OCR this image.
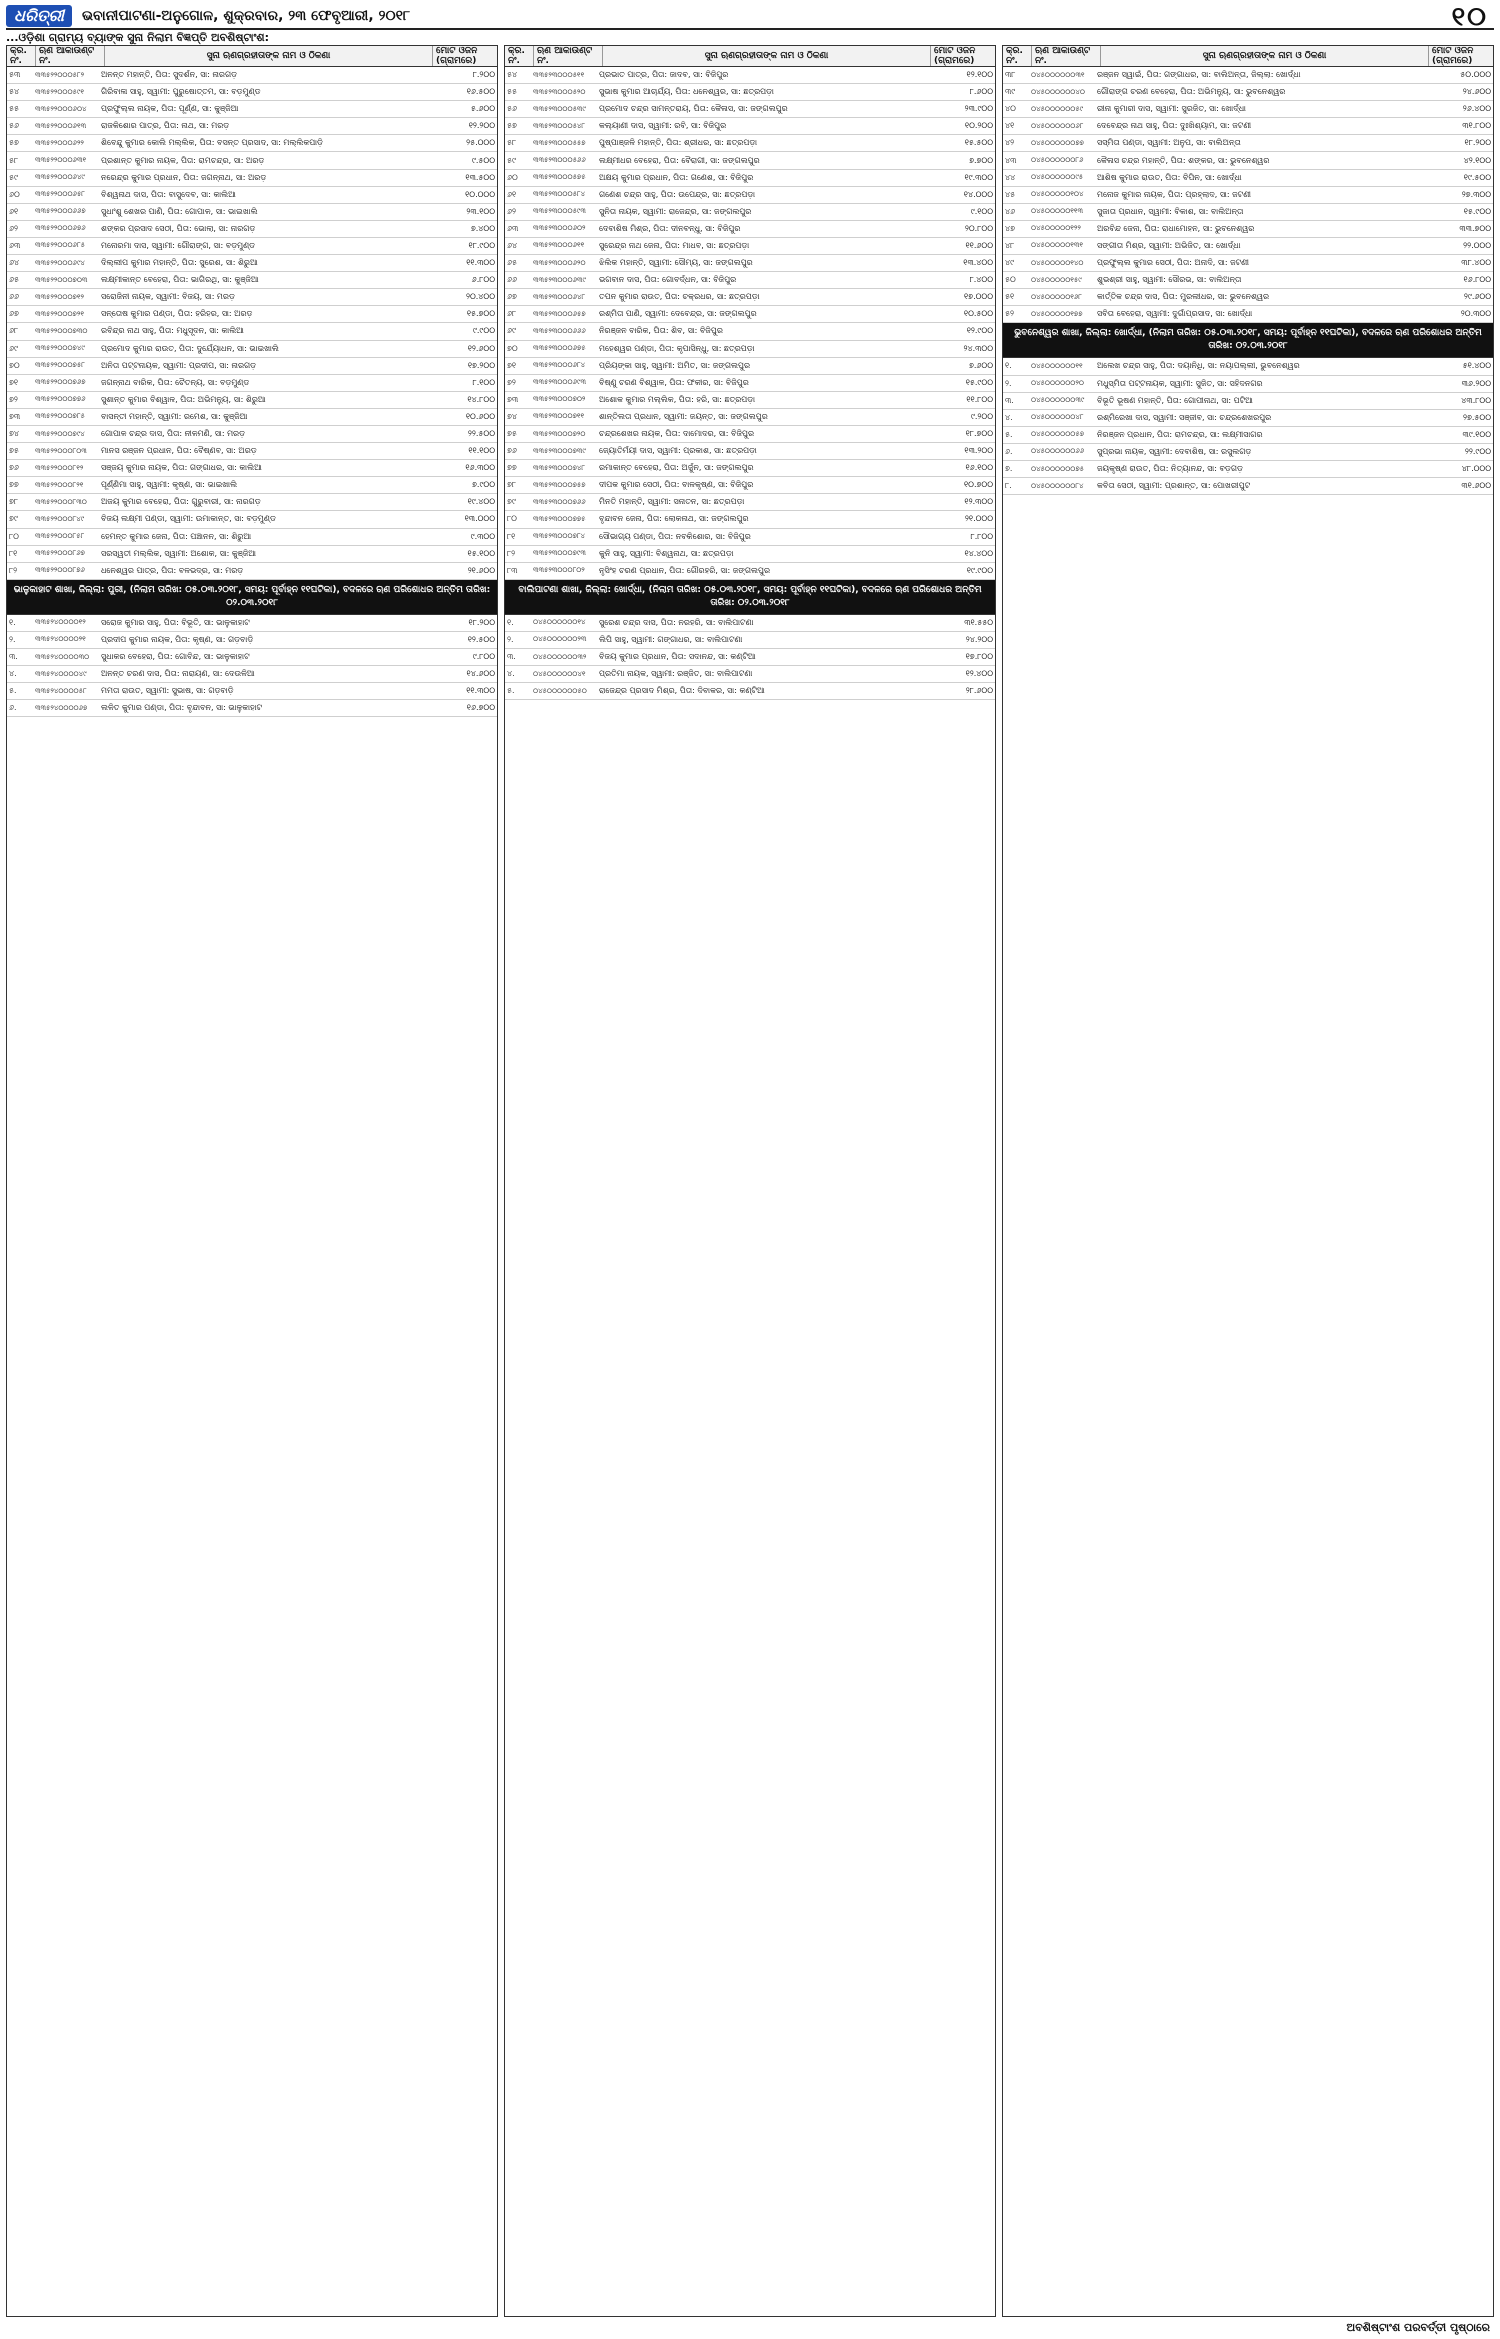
ଧରିତ୍ରୀ	ଭବାନୀପାଟଣା-ଅନୁଗୋଳ, ଶୁକ୍ରବାର, ୨୩ ଫେବୃଆରୀ, ୨୦୧୮	୧୦
...ଓଡ଼ିଶା ଗ୍ରାମ୍ୟ ବ୍ୟାଙ୍କ ସୁନା ନିଲାମ ବିଜ୍ଞପ୍ତି ଅବଶିଷ୍ଟାଂଶ:
କ୍ର. ନଂ.
ଋଣ ଆକାଉଣ୍ଟ ନଂ.	ସୁନା ଋଣଗ୍ରହୀତାଙ୍କ ନାମ ଓ ଠିକଣା	ମୋଟ ଓଜନ (ଗ୍ରାମରେ)
୫୩	୩୩୫୨୨୦୦୦୫୮୨	ଅନନ୍ତ ମହାନ୍ତି, ପିତା: ସୁଦର୍ଶନ, ସା: ନାରଗଡ଼	୮.୨୦୦
୫୪	୩୩୫୨୨୦୦୦୫୯୧	ଗିରିବାଳା ସାହୁ, ସ୍ୱାମୀ: ପୁରୁଷୋତ୍ତମ, ସା: ବଡ଼ମୁଣ୍ଡ	୧୬.୫୦୦
୫୫	୩୩୫୨୨୦୦୦୬୦୪	ପ୍ରଫୁଲ୍ଲ ନାୟକ, ପିତା: ପୂର୍ଣ୍ଣ, ସା: କୁଞ୍ଜିଆ	୫.୬୦୦
୫୬	୩୩୫୨୨୦୦୦୬୧୩	ରାଜକିଶୋର ପାତ୍ର, ପିତା: ନାଥ, ସା: ମରଡ଼	୧୨.୨୦୦
୫୭	୩୩୫୨୨୦୦୦୬୨୨	ଶିବେନ୍ଦୁ କୁମାର କୋଲି ମଲ୍ଲିକ, ପିତା: ବସନ୍ତ ପ୍ରସାଦ, ସା: ମଲ୍ଲିକପାଡ଼ି	୨୫.୦୦୦
୫୮	୩୩୫୨୨୦୦୦୬୩୧	ପ୍ରଶାନ୍ତ କୁମାର ନାୟକ, ପିତା: ରାମଚନ୍ଦ୍ର, ସା: ଅରଡ଼	୯.୫୦୦
୫୯	୩୩୫୨୨୦୦୦୬୪୯	ନରେନ୍ଦ୍ର କୁମାର ପ୍ରଧାନ, ପିତା: ଜଗନ୍ନାଥ, ସା: ଅରଡ଼	୧୩.୫୦୦
୬୦	୩୩୫୨୨୦୦୦୬୫୮	ବିଶ୍ୱନାଥ ଦାସ, ପିତା: ବାସୁଦେବ, ସା: କାଲିଆ	୧୦.୦୦୦
୬୧	୩୩୫୨୨୦୦୦୬୬୭	ସୁଧାଂଶୁ ଶେଖର ପାଣି, ପିତା: ଗୋପାଳ, ସା: ଭାଇଖାଲି	୨୩.୧୦୦
୬୨	୩୩୫୨୨୦୦୦୬୭୬	ଶଙ୍କର ପ୍ରସାଦ ସେଠୀ, ପିତା: ଭୋଲା, ସା: ନାରଗଡ଼	୭.୪୦୦
୬୩	୩୩୫୨୨୦୦୦୬୮୫	ମନୋରମା ଦାସ, ସ୍ୱାମୀ: ଗୌରାଙ୍ଗ, ସା: ବଡ଼ମୁଣ୍ଡ	୧୮.୯୦୦
୬୪	୩୩୫୨୨୦୦୦୬୯୪	ଦିଲ୍ଲୀପ କୁମାର ମହାନ୍ତି, ପିତା: ସୁରେଶ, ସା: ଶିରୁଆ	୧୧.୩୦୦
୬୫	୩୩୫୨୨୦୦୦୭୦୩	ଲକ୍ଷ୍ମୀକାନ୍ତ ବେହେରା, ପିତା: ଭାଗିରଥି, ସା: କୁଞ୍ଜିଆ	୬.୮୦୦
୬୬	୩୩୫୨୨୦୦୦୭୧୨	ସରୋଜିନୀ ନାୟକ, ସ୍ୱାମୀ: ବିଜୟ, ସା: ମରଡ଼	୨୦.୪୦୦
୬୭	୩୩୫୨୨୦୦୦୭୨୧	ସନ୍ତୋଷ କୁମାର ପଣ୍ଡା, ପିତା: ହରିହର, ସା: ଅରଡ଼	୧୫.୭୦୦
୬୮	୩୩୫୨୨୦୦୦୭୩୦	ରବିନ୍ଦ୍ର ନାଥ ସାହୁ, ପିତା: ମଧୁସୂଦନ, ସା: କାଲିଆ	୯.୯୦୦
୬୯	୩୩୫୨୨୦୦୦୭୪୯	ପ୍ରମୋଦ କୁମାର ରାଉତ, ପିତା: ଦୁର୍ଯ୍ୟୋଧନ, ସା: ଭାଇଖାଲି	୧୨.୬୦୦
୭୦	୩୩୫୨୨୦୦୦୭୫୮	ଅନିତା ପଟ୍ଟନାୟକ, ସ୍ୱାମୀ: ପ୍ରଦୀପ, ସା: ନାରଗଡ଼	୧୭.୨୦୦
୭୧	୩୩୫୨୨୦୦୦୭୬୭	ଜଗନ୍ନାଥ ବାରିକ, ପିତା: ଚୈତନ୍ୟ, ସା: ବଡ଼ମୁଣ୍ଡ	୮.୧୦୦
୭୨	୩୩୫୨୨୦୦୦୭୭୬	ସୁଶାନ୍ତ କୁମାର ବିଶ୍ୱାଳ, ପିତା: ଅଭିମନ୍ୟୁ, ସା: ଶିରୁଆ	୧୪.୮୦୦
୭୩	୩୩୫୨୨୦୦୦୭୮୫	ବାସନ୍ତୀ ମହାନ୍ତି, ସ୍ୱାମୀ: ରମେଶ, ସା: କୁଞ୍ଜିଆ	୧୦.୬୦୦
୭୪	୩୩୫୨୨୦୦୦୭୯୪	ଗୋପାଳ ଚନ୍ଦ୍ର ଦାସ, ପିତା: ନୀଳମଣି, ସା: ମରଡ଼	୨୨.୫୦୦
୭୫	୩୩୫୨୨୦୦୦୮୦୩	ମାନସ ରଞ୍ଜନ ପ୍ରଧାନ, ପିତା: ବୈଷ୍ଣବ, ସା: ଅରଡ଼	୧୧.୧୦୦
୭୬	୩୩୫୨୨୦୦୦୮୧୨	ସଞ୍ଜୟ କୁମାର ନାୟକ, ପିତା: ଗଙ୍ଗାଧର, ସା: କାଲିଆ	୧୬.୩୦୦
୭୭	୩୩୫୨୨୦୦୦୮୨୧	ପୂର୍ଣ୍ଣିମା ସାହୁ, ସ୍ୱାମୀ: କୃଷ୍ଣ, ସା: ଭାଇଖାଲି	୭.୯୦୦
୭୮	୩୩୫୨୨୦୦୦୮୩୦	ଅଜୟ କୁମାର ବେହେରା, ପିତା: ଗୁରୁବାରୀ, ସା: ନାରଗଡ଼	୧୯.୪୦୦
୭୯	୩୩୫୨୨୦୦୦୮୪୯	ବିଜୟ ଲକ୍ଷ୍ମୀ ପଣ୍ଡା, ସ୍ୱାମୀ: ଉମାକାନ୍ତ, ସା: ବଡ଼ମୁଣ୍ଡ	୧୩.୦୦୦
୮୦	୩୩୫୨୨୦୦୦୮୫୮	ହେମନ୍ତ କୁମାର ଜେନା, ପିତା: ପଞ୍ଚାନନ, ସା: ଶିରୁଆ	୯.୩୦୦
୮୧	୩୩୫୨୨୦୦୦୮୬୭	ସରସ୍ୱତୀ ମଲ୍ଲିକ, ସ୍ୱାମୀ: ଅଶୋକ, ସା: କୁଞ୍ଜିଆ	୧୫.୧୦୦
୮୨	୩୩୫୨୨୦୦୦୮୭୬	ଧନେଶ୍ୱର ପାତ୍ର, ପିତା: ବଳଭଦ୍ର, ସା: ମରଡ଼	୨୧.୬୦୦
ଭାଳୁକାହାଟ ଶାଖା, ଜିଲ୍ଲା: ପୁରୀ, (ନିଲାମ ତାରିଖ: ୦୫.୦୩.୨୦୧୮, ସମୟ: ପୂର୍ବାହ୍ନ ୧୧ଘଟିକା), ବଦଳରେ ଋଣ ପରିଶୋଧର ଅନ୍ତିମ ତାରିଖ: ୦୨.୦୩.୨୦୧୮
୧.	୩୩୫୨୪୦୦୦୦୧୨	ସରୋଜ କୁମାର ସାହୁ, ପିତା: ବିଭୂତି, ସା: ଭାଳୁକାହାଟ	୧୮.୨୦୦
୨.	୩୩୫୨୪୦୦୦୦୨୧	ପ୍ରଦୀପ କୁମାର ନାୟକ, ପିତା: କୃଷ୍ଣ, ସା: ଗଡ଼ବାଡ଼ି	୧୨.୫୦୦
୩.	୩୩୫୨୪୦୦୦୦୩୦	ସୁଧାକର ବେହେରା, ପିତା: ଗୋବିନ୍ଦ, ସା: ଭାଳୁକାହାଟ	୯.୮୦୦
୪.	୩୩୫୨୪୦୦୦୦୪୯	ଅନନ୍ତ ଚରଣ ଦାସ, ପିତା: ନାରାୟଣ, ସା: ଦେଉଳିଆ	୧୪.୬୦୦
୫.	୩୩୫୨୪୦୦୦୦୫୮	ମମତା ରାଉତ, ସ୍ୱାମୀ: ସୁଭାଷ, ସା: ଗଡ଼ବାଡ଼ି	୧୧.୩୦୦
୬.	୩୩୫୨୪୦୦୦୦୬୭	ଲଳିତ କୁମାର ପଣ୍ଡା, ପିତା: ବୃନ୍ଦାବନ, ସା: ଭାଳୁକାହାଟ	୧୬.୭୦୦
କ୍ର. ନଂ.
ଋଣ ଆକାଉଣ୍ଟ ନଂ.	ସୁନା ଋଣଗ୍ରହୀତାଙ୍କ ନାମ ଓ ଠିକଣା	ମୋଟ ଓଜନ (ଗ୍ରାମରେ)
୫୪	୩୩୫୨୩୦୦୦୫୧୧	ପ୍ରଭାତ ପାତ୍ର, ପିତା: ଜାଦବ, ସା: ବିଜିପୁର	୧୨.୧୦୦
୫୫	୩୩୫୨୩୦୦୦୫୨୦	ସୁଭାଷ କୁମାର ଆଚାର୍ଯ୍ୟ, ପିତା: ଧନେଶ୍ୱର, ସା: ଛତ୍ରପଡ଼ା	୮.୬୦୦
୫୬	୩୩୫୨୩୦୦୦୫୩୯	ପ୍ରମୋଦ ଚନ୍ଦ୍ର ସାମନ୍ତରାୟ, ପିତା: କୈଳାସ, ସା: ଜଙ୍ଗଲପୁର	୨୩.୯୦୦
୫୭	୩୩୫୨୩୦୦୦୫୪୮	କଲ୍ୟାଣୀ ଦାସ, ସ୍ୱାମୀ: ରବି, ସା: ବିଜିପୁର	୧୦.୨୦୦
୫୮	୩୩୫୨୩୦୦୦୫୫୭	ପୁଷ୍ପାଞ୍ଜଳି ମହାନ୍ତି, ପିତା: ଶ୍ରୀଧର, ସା: ଛତ୍ରପଡ଼ା	୧୫.୫୦୦
୫୯	୩୩୫୨୩୦୦୦୫୬୬	ଲକ୍ଷ୍ମୀଧର ବେହେରା, ପିତା: ବୈରାଗୀ, ସା: ଜଙ୍ଗଲପୁର	୭.୭୦୦
୬୦	୩୩୫୨୩୦୦୦୫୭୫	ଅକ୍ଷୟ କୁମାର ପ୍ରଧାନ, ପିତା: ଗଣେଶ, ସା: ବିଜିପୁର	୧୯.୩୦୦
୬୧	୩୩୫୨୩୦୦୦୫୮୪	ଗଣେଶ ଚନ୍ଦ୍ର ସାହୁ, ପିତା: ଉପେନ୍ଦ୍ର, ସା: ଛତ୍ରପଡ଼ା	୧୪.୦୦୦
୬୨	୩୩୫୨୩୦୦୦୫୯୩	ସୁନିତା ନାୟକ, ସ୍ୱାମୀ: ରାଜେନ୍ଦ୍ର, ସା: ଜଙ୍ଗଲପୁର	୯.୧୦୦
୬୩	୩୩୫୨୩୦୦୦୬୦୨	ଦେବାଶିଷ ମିଶ୍ର, ପିତା: ଦୀନବନ୍ଧୁ, ସା: ବିଜିପୁର	୨୦.୮୦୦
୬୪	୩୩୫୨୩୦୦୦୬୧୧	ସୁରେନ୍ଦ୍ର ନାଥ ଜେନା, ପିତା: ମାଧବ, ସା: ଛତ୍ରପଡ଼ା	୧୧.୬୦୦
୬୫	୩୩୫୨୩୦୦୦୬୨୦	ଝିଲିକ ମହାନ୍ତି, ସ୍ୱାମୀ: ସୌମ୍ୟ, ସା: ଜଙ୍ଗଲପୁର	୧୩.୪୦୦
୬୬	୩୩୫୨୩୦୦୦୬୩୯	ଭଗବାନ ଦାସ, ପିତା: ଗୋବର୍ଦ୍ଧନ, ସା: ବିଜିପୁର	୮.୪୦୦
୬୭	୩୩୫୨୩୦୦୦୬୪୮	ତପନ କୁମାର ରାଉତ, ପିତା: ଚକ୍ରଧର, ସା: ଛତ୍ରପଡ଼ା	୧୭.୦୦୦
୬୮	୩୩୫୨୩୦୦୦୬୫୭	ରଶ୍ମିତା ପାଣି, ସ୍ୱାମୀ: ଦେବେନ୍ଦ୍ର, ସା: ଜଙ୍ଗଲପୁର	୧୦.୫୦୦
୬୯	୩୩୫୨୩୦୦୦୬୬୬	ନିରଞ୍ଜନ ବାରିକ, ପିତା: ଶିବ, ସା: ବିଜିପୁର	୧୨.୯୦୦
୭୦	୩୩୫୨୩୦୦୦୬୭୫	ମହେଶ୍ୱର ପଣ୍ଡା, ପିତା: କୃପାସିନ୍ଧୁ, ସା: ଛତ୍ରପଡ଼ା	୨୪.୩୦୦
୭୧	୩୩୫୨୩୦୦୦୬୮୪	ପ୍ରିୟଙ୍କା ସାହୁ, ସ୍ୱାମୀ: ଅମିତ, ସା: ଜଙ୍ଗଲପୁର	୭.୬୦୦
୭୨	୩୩୫୨୩୦୦୦୬୯୩	ବିଷ୍ଣୁ ଚରଣ ବିଶ୍ୱାଳ, ପିତା: ଫକୀର, ସା: ବିଜିପୁର	୧୫.୯୦୦
୭୩	୩୩୫୨୩୦୦୦୭୦୨	ଅଶୋକ କୁମାର ମଲ୍ଲିକ, ପିତା: ହରି, ସା: ଛତ୍ରପଡ଼ା	୧୧.୮୦୦
୭୪	୩୩୫୨୩୦୦୦୭୧୧	ଶାନ୍ତିଲତା ପ୍ରଧାନ, ସ୍ୱାମୀ: ଜୟନ୍ତ, ସା: ଜଙ୍ଗଲପୁର	୯.୨୦୦
୭୫	୩୩୫୨୩୦୦୦୭୨୦	ଚନ୍ଦ୍ରଶେଖର ନାୟକ, ପିତା: ଦାମୋଦର, ସା: ବିଜିପୁର	୧୮.୭୦୦
୭୬	୩୩୫୨୩୦୦୦୭୩୯	ଜ୍ୟୋତିର୍ମୟୀ ଦାସ, ସ୍ୱାମୀ: ପ୍ରକାଶ, ସା: ଛତ୍ରପଡ଼ା	୧୩.୨୦୦
୭୭	୩୩୫୨୩୦୦୦୭୪୮	ରମାକାନ୍ତ ବେହେରା, ପିତା: ଅର୍ଜୁନ, ସା: ଜଙ୍ଗଲପୁର	୧୬.୧୦୦
୭୮	୩୩୫୨୩୦୦୦୭୫୭	ଦୀପକ କୁମାର ସେଠୀ, ପିତା: ବାଳକୃଷ୍ଣ, ସା: ବିଜିପୁର	୧୦.୭୦୦
୭୯	୩୩୫୨୩୦୦୦୭୬୬	ମିନତି ମହାନ୍ତି, ସ୍ୱାମୀ: ସନାତନ, ସା: ଛତ୍ରପଡ଼ା	୧୨.୩୦୦
୮୦	୩୩୫୨୩୦୦୦୭୭୫	ବୃନ୍ଦାବନ ଜେନା, ପିତା: ଲୋକନାଥ, ସା: ଜଙ୍ଗଲପୁର	୨୧.୦୦୦
୮୧	୩୩୫୨୩୦୦୦୭୮୪	ସୌଭାଗ୍ୟ ପଣ୍ଡା, ପିତା: ନବକିଶୋର, ସା: ବିଜିପୁର	୮.୮୦୦
୮୨	୩୩୫୨୩୦୦୦୭୯୩	କୁନି ସାହୁ, ସ୍ୱାମୀ: ବିଶ୍ୱନାଥ, ସା: ଛତ୍ରପଡ଼ା	୧୪.୪୦୦
୮୩	୩୩୫୨୩୦୦୦୮୦୨	ନୃସିଂହ ଚରଣ ପ୍ରଧାନ, ପିତା: ଗୌରହରି, ସା: ଜଙ୍ଗଲପୁର	୧୯.୯୦୦
ବାଲିପାଟଣା ଶାଖା, ଜିଲ୍ଲା: ଖୋର୍ଦ୍ଧା, (ନିଲାମ ତାରିଖ: ୦୫.୦୩.୨୦୧୮, ସମୟ: ପୂର୍ବାହ୍ନ ୧୧ଘଟିକା), ବଦଳରେ ଋଣ ପରିଶୋଧର ଅନ୍ତିମ ତାରିଖ: ୦୨.୦୩.୨୦୧୮
୧.	୦୪୫୦୦୦୦୦୦୧୪	ସୁରେଶ ଚନ୍ଦ୍ର ଦାସ, ପିତା: ନରହରି, ସା: ବାଲିପାଟଣା	୩୧.୫୫୦
୨.	୦୪୫୦୦୦୦୦୦୨୩	ଲିପି ସାହୁ, ସ୍ୱାମୀ: ଗଙ୍ଗାଧର, ସା: ବାଲିପାଟଣା	୨୪.୨୦୦
୩.	୦୪୫୦୦୦୦୦୦୩୨	ବିଜୟ କୁମାର ପ୍ରଧାନ, ପିତା: ସଦାନନ୍ଦ, ସା: କଣ୍ଟିଆ	୧୭.୮୦୦
୪.	୦୪୫୦୦୦୦୦୦୪୧	ପ୍ରତିମା ନାୟକ, ସ୍ୱାମୀ: ରଞ୍ଜିତ, ସା: ବାଲିପାଟଣା	୧୨.୪୦୦
୫.	୦୪୫୦୦୦୦୦୦୫୦	ରାଜେନ୍ଦ୍ର ପ୍ରସାଦ ମିଶ୍ର, ପିତା: ଦିବାକର, ସା: କଣ୍ଟିଆ	୨୮.୬୦୦
କ୍ର. ନଂ.
ଋଣ ଆକାଉଣ୍ଟ ନଂ.	ସୁନା ଋଣଗ୍ରହୀତାଙ୍କ ନାମ ଓ ଠିକଣା	ମୋଟ ଓଜନ (ଗ୍ରାମରେ)
୩୮	୦୪୫୦୦୦୦୦୦୩୧	ରଞ୍ଜନ ସ୍ୱାଇଁ, ପିତା: ଗଙ୍ଗାଧର, ସା: ବାଲିଅନ୍ତା, ଜିଲ୍ଲା: ଖୋର୍ଦ୍ଧା	୫୦.୦୦୦
୩୯	୦୪୫୦୦୦୦୦୦୪୦	ଗୌରାଙ୍ଗ ଚରଣ ବେହେରା, ପିତା: ଅଭିମନ୍ୟୁ, ସା: ଭୁବନେଶ୍ୱର	୨୪.୬୦୦
୪୦	୦୪୫୦୦୦୦୦୦୫୯	ରୀନା କୁମାରୀ ଦାସ, ସ୍ୱାମୀ: ସୁରଜିତ, ସା: ଖୋର୍ଦ୍ଧା	୨୬.୪୦୦
୪୧	୦୪୫୦୦୦୦୦୦୬୮	ଦେବେନ୍ଦ୍ର ନାଥ ସାହୁ, ପିତା: ଦୁଃଖିଶ୍ୟାମ, ସା: ଜଟଣୀ	୩୧.୮୦୦
୪୨	୦୪୫୦୦୦୦୦୦୭୭	ସସ୍ମିତା ପଣ୍ଡା, ସ୍ୱାମୀ: ଅନୁପ, ସା: ବାଲିଅନ୍ତା	୧୮.୨୦୦
୪୩	୦୪୫୦୦୦୦୦୦୮୬	କୈଳାସ ଚନ୍ଦ୍ର ମହାନ୍ତି, ପିତା: ଶଙ୍କର, ସା: ଭୁବନେଶ୍ୱର	୪୨.୧୦୦
୪୪	୦୪୫୦୦୦୦୦୦୯୫	ଆଶିଷ କୁମାର ରାଉତ, ପିତା: ବିପିନ, ସା: ଖୋର୍ଦ୍ଧା	୧୯.୫୦୦
୪୫	୦୪୫୦୦୦୦୦୧୦୪	ମନୋଜ କୁମାର ନାୟକ, ପିତା: ପ୍ରହ୍ଲାଦ, ସା: ଜଟଣୀ	୨୭.୩୦୦
୪୬	୦୪୫୦୦୦୦୦୧୧୩	ସୁଜାତା ପ୍ରଧାନ, ସ୍ୱାମୀ: ବିକାଶ, ସା: ବାଲିଅନ୍ତା	୧୫.୯୦୦
୪୭	୦୪୫୦୦୦୦୦୧୨୨	ଅରବିନ୍ଦ ଜେନା, ପିତା: ରାଧାମୋହନ, ସା: ଭୁବନେଶ୍ୱର	୩୩.୭୦୦
୪୮	୦୪୫୦୦୦୦୦୧୩୧	ସଙ୍ଗୀତା ମିଶ୍ର, ସ୍ୱାମୀ: ଅଭିଜିତ, ସା: ଖୋର୍ଦ୍ଧା	୨୨.୦୦୦
୪୯	୦୪୫୦୦୦୦୦୧୪୦	ପ୍ରଫୁଲ୍ଲ କୁମାର ସେଠୀ, ପିତା: ଅନାଦି, ସା: ଜଟଣୀ	୩୮.୪୦୦
୫୦	୦୪୫୦୦୦୦୦୧୫୯	ଶୁଭଶ୍ରୀ ସାହୁ, ସ୍ୱାମୀ: ସୌରଭ, ସା: ବାଲିଅନ୍ତା	୧୬.୮୦୦
୫୧	୦୪୫୦୦୦୦୦୧୬୮	କାର୍ତ୍ତିକ ଚନ୍ଦ୍ର ଦାସ, ପିତା: ମୁରଲୀଧର, ସା: ଭୁବନେଶ୍ୱର	୨୯.୬୦୦
୫୨	୦୪୫୦୦୦୦୦୧୭୭	ସବିତା ବେହେରା, ସ୍ୱାମୀ: ଦୁର୍ଗାପ୍ରସାଦ, ସା: ଖୋର୍ଦ୍ଧା	୨୦.୩୦୦
ଭୁବନେଶ୍ୱର ଶାଖା, ଜିଲ୍ଲା: ଖୋର୍ଦ୍ଧା, (ନିଲାମ ତାରିଖ: ୦୫.୦୩.୨୦୧୮, ସମୟ: ପୂର୍ବାହ୍ନ ୧୧ଘଟିକା), ବଦଳରେ ଋଣ ପରିଶୋଧର ଅନ୍ତିମ ତାରିଖ: ୦୨.୦୩.୨୦୧୮
୧.	୦୪୫୦୦୦୦୦୦୧୧	ଅଲେଖ ଚନ୍ଦ୍ର ସାହୁ, ପିତା: ଦୟାନିଧି, ସା: ନୟାପଲ୍ଲୀ, ଭୁବନେଶ୍ୱର	୫୧.୪୦୦
୨.	୦୪୫୦୦୦୦୦୦୨୦	ମଧୁସ୍ମିତା ପଟ୍ଟନାୟକ, ସ୍ୱାମୀ: ସୁଜିତ, ସା: ସହିଦନଗର	୩୬.୨୦୦
୩.	୦୪୫୦୦୦୦୦୦୩୯	ବିଭୂତି ଭୂଷଣ ମହାନ୍ତି, ପିତା: ଗୋପୀନାଥ, ସା: ପଟିଆ	୪୩.୮୦୦
୪.	୦୪୫୦୦୦୦୦୦୪୮	ରଶ୍ମିରେଖା ଦାସ, ସ୍ୱାମୀ: ସଞ୍ଜୀବ, ସା: ଚନ୍ଦ୍ରଶେଖରପୁର	୨୭.୫୦୦
୫.	୦୪୫୦୦୦୦୦୦୫୭	ନିରଞ୍ଜନ ପ୍ରଧାନ, ପିତା: ରାମଚନ୍ଦ୍ର, ସା: ଲକ୍ଷ୍ମୀସାଗର	୩୯.୧୦୦
୬.	୦୪୫୦୦୦୦୦୦୬୬	ସୁପ୍ରଭା ନାୟକ, ସ୍ୱାମୀ: ଦେବାଶିଷ, ସା: ରସୁଲଗଡ଼	୨୨.୯୦୦
୭.	୦୪୫୦୦୦୦୦୦୭୫	ଜୟକୃଷ୍ଣ ରାଉତ, ପିତା: ନିତ୍ୟାନନ୍ଦ, ସା: ବଡ଼ଗଡ଼	୪୮.୦୦୦
୮.	୦୪୫୦୦୦୦୦୦୮୪	କବିତା ସେଠୀ, ସ୍ୱାମୀ: ପ୍ରଶାନ୍ତ, ସା: ପୋଖରୀପୁଟ	୩୧.୬୦୦
ଅବଶିଷ୍ଟାଂଶ ପରବର୍ତ୍ତୀ ପୃଷ୍ଠାରେ
